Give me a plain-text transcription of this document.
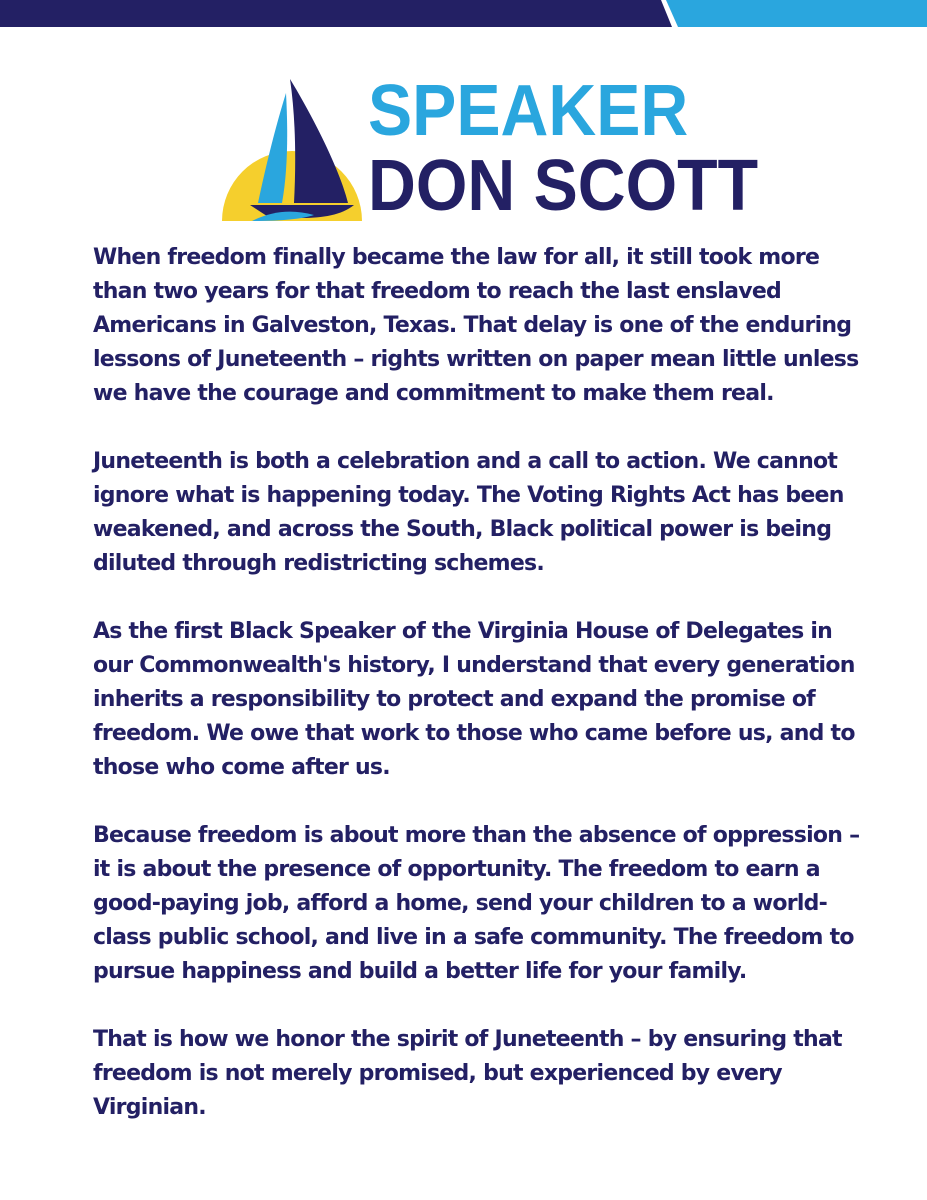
SPEAKER
DON SCOTT

When freedom finally became the law for all, it still took more than two years for that freedom to reach the last enslaved Americans in Galveston, Texas. That delay is one of the enduring lessons of Juneteenth – rights written on paper mean little unless we have the courage and commitment to make them real.

Juneteenth is both a celebration and a call to action. We cannot ignore what is happening today. The Voting Rights Act has been weakened, and across the South, Black political power is being diluted through redistricting schemes.

As the first Black Speaker of the Virginia House of Delegates in our Commonwealth's history, I understand that every generation inherits a responsibility to protect and expand the promise of freedom. We owe that work to those who came before us, and to those who come after us.

Because freedom is about more than the absence of oppression – it is about the presence of opportunity. The freedom to earn a good-paying job, afford a home, send your children to a world-class public school, and live in a safe community. The freedom to pursue happiness and build a better life for your family.

That is how we honor the spirit of Juneteenth – by ensuring that freedom is not merely promised, but experienced by every Virginian.
